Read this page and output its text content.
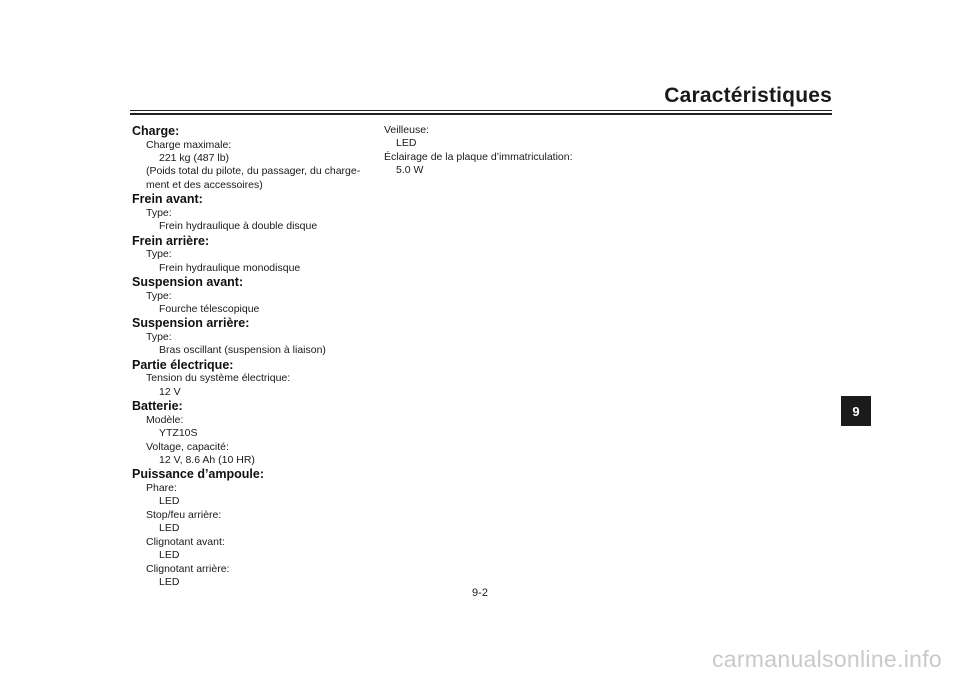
Caractéristiques
Charge:
Charge maximale:
221 kg (487 lb)
(Poids total du pilote, du passager, du charge-
ment et des accessoires)
Frein avant:
Type:
Frein hydraulique à double disque
Frein arrière:
Type:
Frein hydraulique monodisque
Suspension avant:
Type:
Fourche télescopique
Suspension arrière:
Type:
Bras oscillant (suspension à liaison)
Partie électrique:
Tension du système électrique:
12 V
Batterie:
Modèle:
YTZ10S
Voltage, capacité:
12 V, 8.6 Ah (10 HR)
Puissance d’ampoule:
Phare:
LED
Stop/feu arrière:
LED
Clignotant avant:
LED
Clignotant arrière:
LED
Veilleuse:
LED
Éclairage de la plaque d’immatriculation:
5.0 W
9
9-2
carmanualsonline.info
